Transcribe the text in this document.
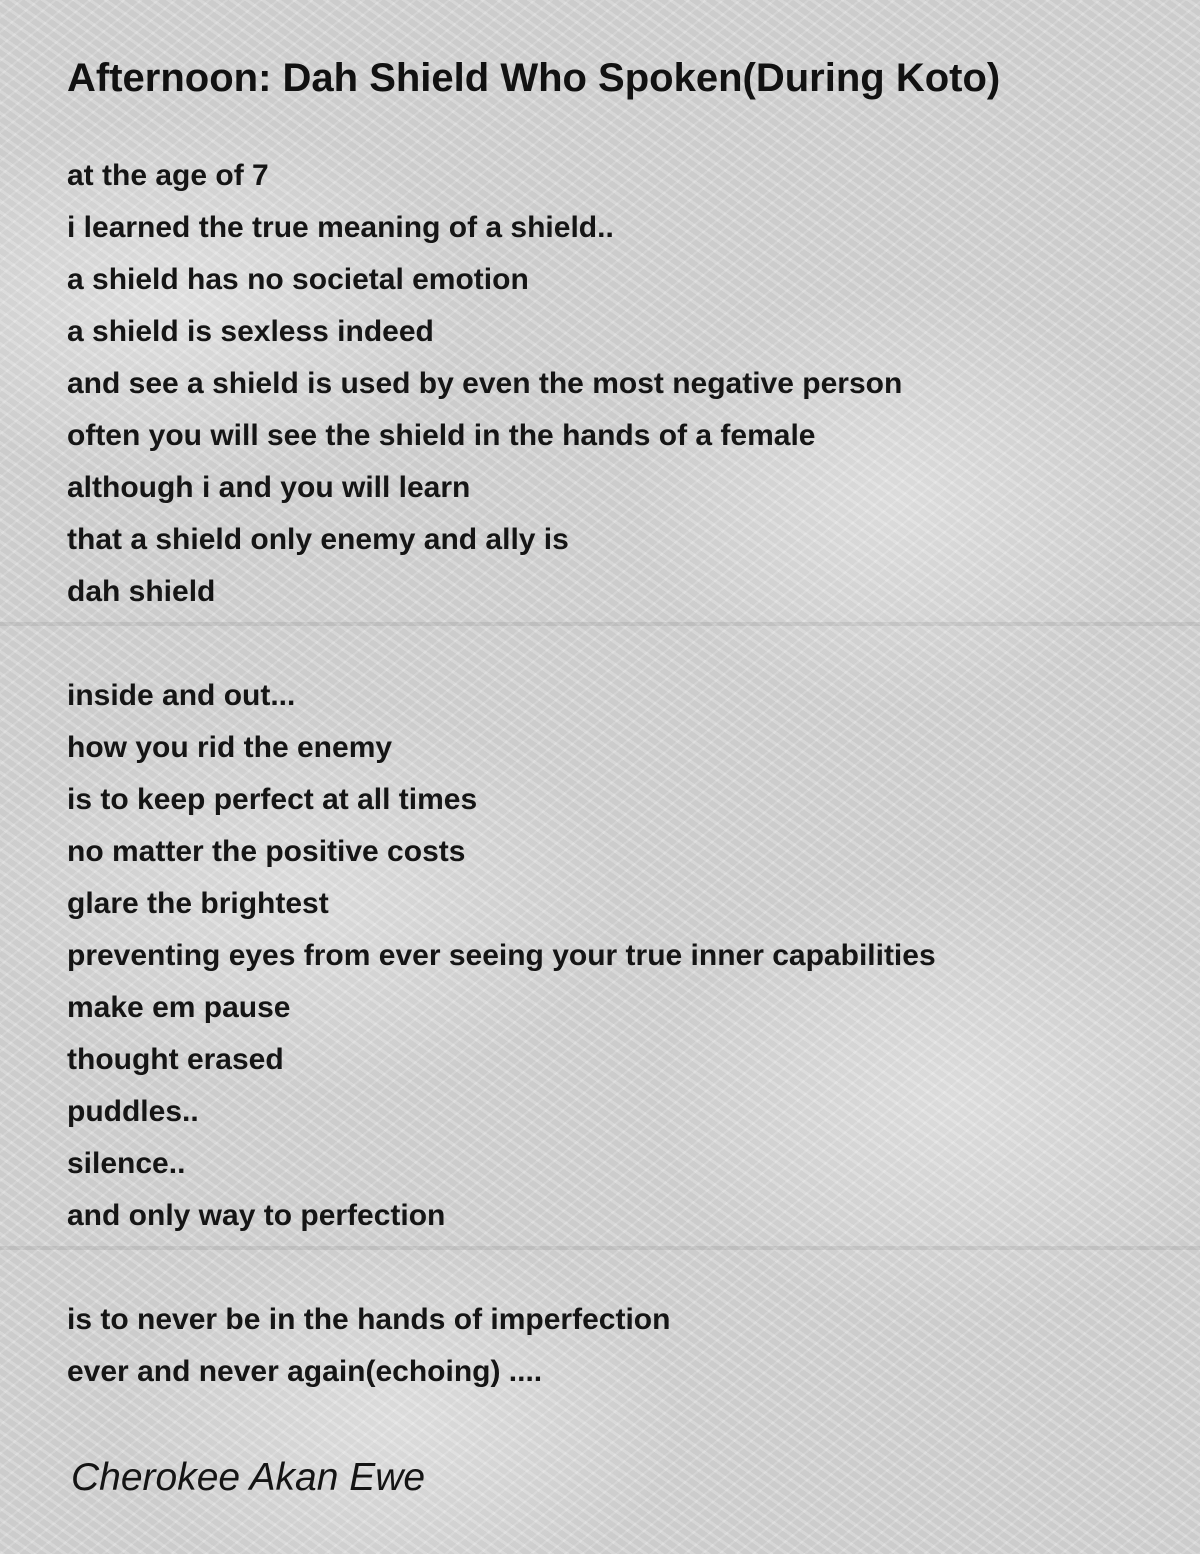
Afternoon: Dah Shield Who Spoken(During Koto)
at the age of 7
i learned the true meaning of a shield..
a shield has no societal emotion
a shield is sexless indeed
and see a shield is used by even the most negative person
often you will see the shield in the hands of a female
although i and you will learn
that a shield only enemy and ally is
dah shield
inside and out...
how you rid the enemy
is to keep perfect at all times
no matter the positive costs
glare the brightest
preventing eyes from ever seeing your true inner capabilities
make em pause
thought erased
puddles..
silence..
and only way to perfection
is to never be in the hands of imperfection
ever and never again(echoing) ....

Cherokee Akan Ewe
